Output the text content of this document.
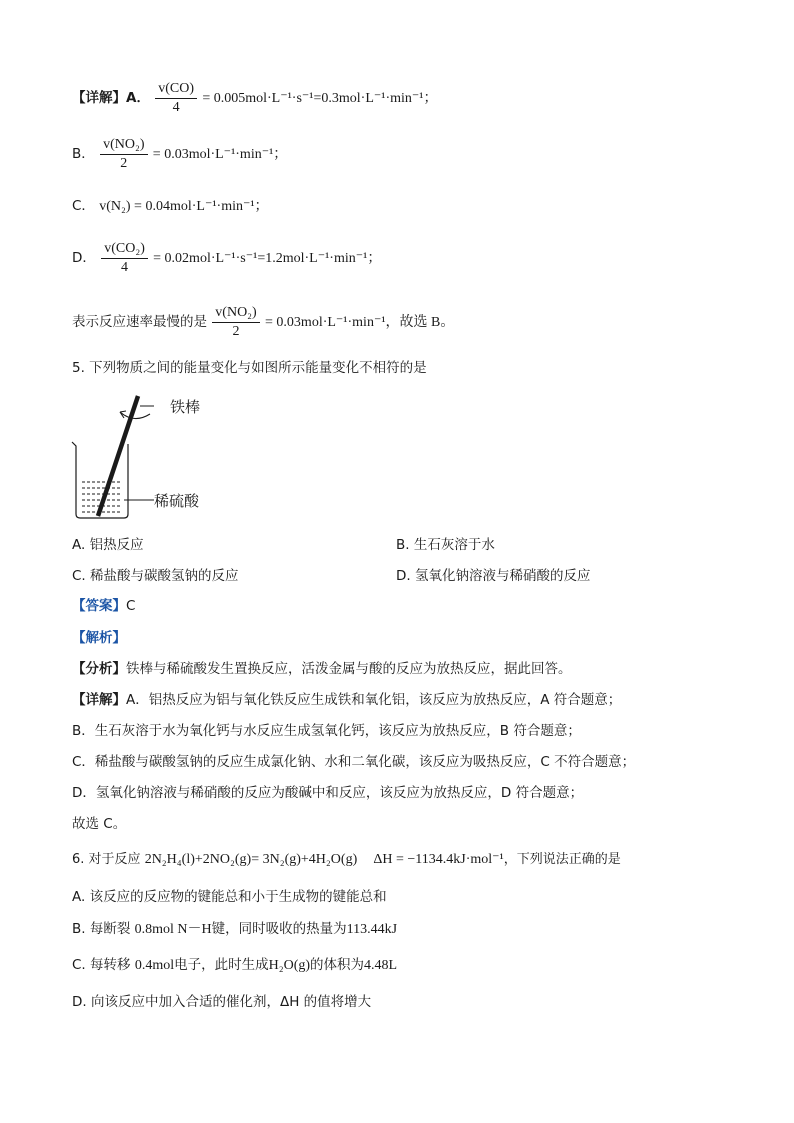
【详解】A． $\frac{v(CO)}{4} = 0.005mol\cdot L^{-1}\cdot s^{-1}=0.3mol\cdot L^{-1}\cdot\min^{-1}$；
B． $\frac{\text{v(NO₂)}}{2} = 0.03mol\cdot L^{-1}\cdot\min^{-1}$；
C． v(N₂) = 0.04mol·L⁻¹·min⁻¹；
D． $\frac{\text{v(CO₂)}}{4} = 0.02mol\cdot L^{-1}\cdot s^{-1}=1.2mol\cdot L^{-1}\cdot\min^{-1}$；
表示反应速率最慢的是 $\frac{\text{v(NO₂)}}{2} = 0.03mol\cdot L^{-1}\cdot\min^{-1}$，故选 B。
5. 下列物质之间的能量变化与如图所示能量变化不相符的是
铁棒
稀硫酸
A. 铝热反应	B. 生石灰溶于水
C. 稀盐酸与碳酸氢钠的反应	D. 氢氧化钠溶液与稀硝酸的反应
【答案】C
【解析】
【分析】铁棒与稀硫酸发生置换反应，活泼金属与酸的反应为放热反应，据此回答。
【详解】A．铝热反应为铝与氧化铁反应生成铁和氧化铝，该反应为放热反应，A 符合题意；
B．生石灰溶于水为氧化钙与水反应生成氢氧化钙，该反应为放热反应，B 符合题意；
C．稀盐酸与碳酸氢钠的反应生成氯化钠、水和二氧化碳，该反应为吸热反应，C 不符合题意；
D．氢氧化钠溶液与稀硝酸的反应为酸碱中和反应，该反应为放热反应，D 符合题意；
故选 C。
6. 对于反应 2N₂H₄(l)+2NO₂(g)= 3N₂(g)+4H₂O(g) ΔH = −1134.4kJ·mol⁻¹，下列说法正确的是
A. 该反应的反应物的键能总和小于生成物的键能总和
B. 每断裂 0.8mol N－H键，同时吸收的热量为113.44kJ
C. 每转移 0.4mol电子，此时生成H₂O(g)的体积为4.48L
D. 向该反应中加入合适的催化剂，ΔH 的值将增大
